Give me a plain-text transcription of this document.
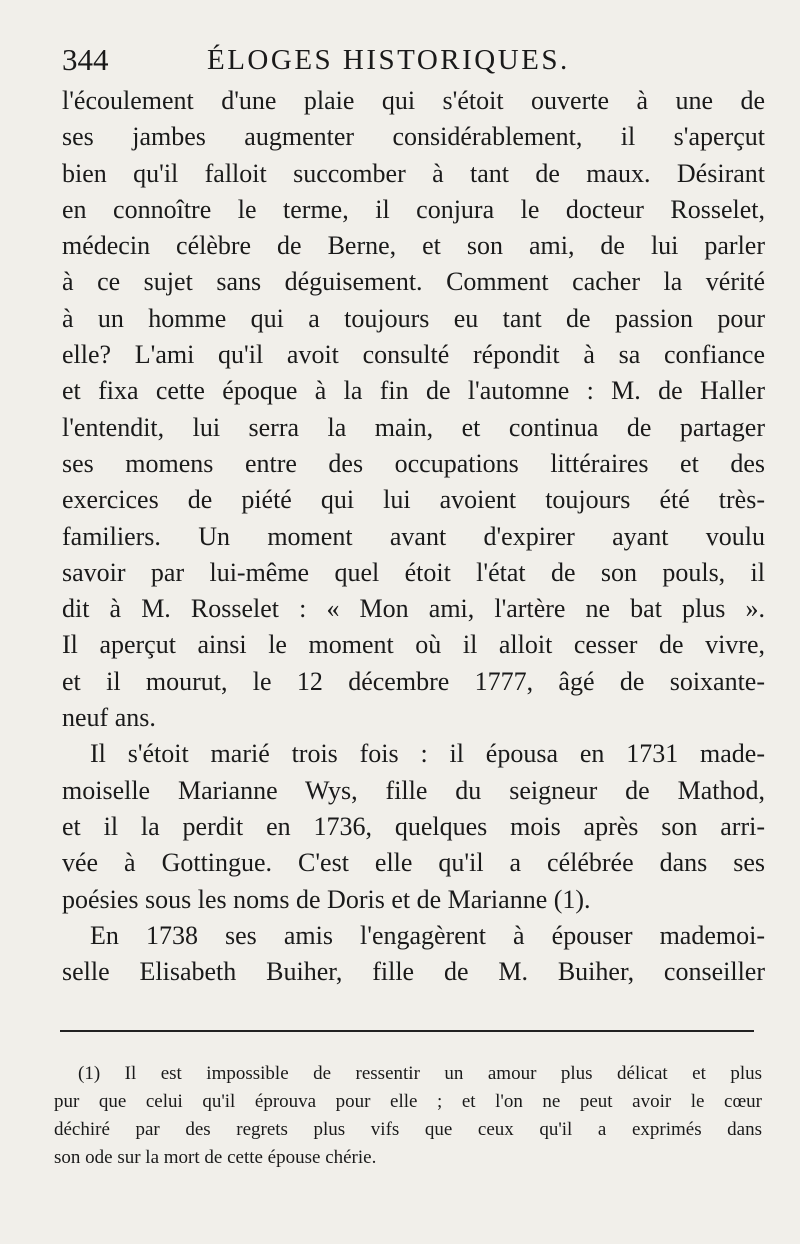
344	ÉLOGES HISTORIQUES.
l'écoulement d'une plaie qui s'étoit ouverte à une de
ses jambes augmenter considérablement, il s'aperçut
bien qu'il falloit succomber à tant de maux. Désirant
en connoître le terme, il conjura le docteur Rosselet,
médecin célèbre de Berne, et son ami, de lui parler
à ce sujet sans déguisement. Comment cacher la vérité
à un homme qui a toujours eu tant de passion pour
elle? L'ami qu'il avoit consulté répondit à sa confiance
et fixa cette époque à la fin de l'automne : M. de Haller
l'entendit, lui serra la main, et continua de partager
ses momens entre des occupations littéraires et des
exercices de piété qui lui avoient toujours été très-
familiers. Un moment avant d'expirer ayant voulu
savoir par lui-même quel étoit l'état de son pouls, il
dit à M. Rosselet : « Mon ami, l'artère ne bat plus ».
Il aperçut ainsi le moment où il alloit cesser de vivre,
et il mourut, le 12 décembre 1777, âgé de soixante-
neuf ans.
Il s'étoit marié trois fois : il épousa en 1731 made-
moiselle Marianne Wys, fille du seigneur de Mathod,
et il la perdit en 1736, quelques mois après son arri-
vée à Gottingue. C'est elle qu'il a célébrée dans ses
poésies sous les noms de Doris et de Marianne (1).
En 1738 ses amis l'engagèrent à épouser mademoi-
selle Elisabeth Buiher, fille de M. Buiher, conseiller
(1) Il est impossible de ressentir un amour plus délicat et plus
pur que celui qu'il éprouva pour elle ; et l'on ne peut avoir le cœur
déchiré par des regrets plus vifs que ceux qu'il a exprimés dans
son ode sur la mort de cette épouse chérie.
